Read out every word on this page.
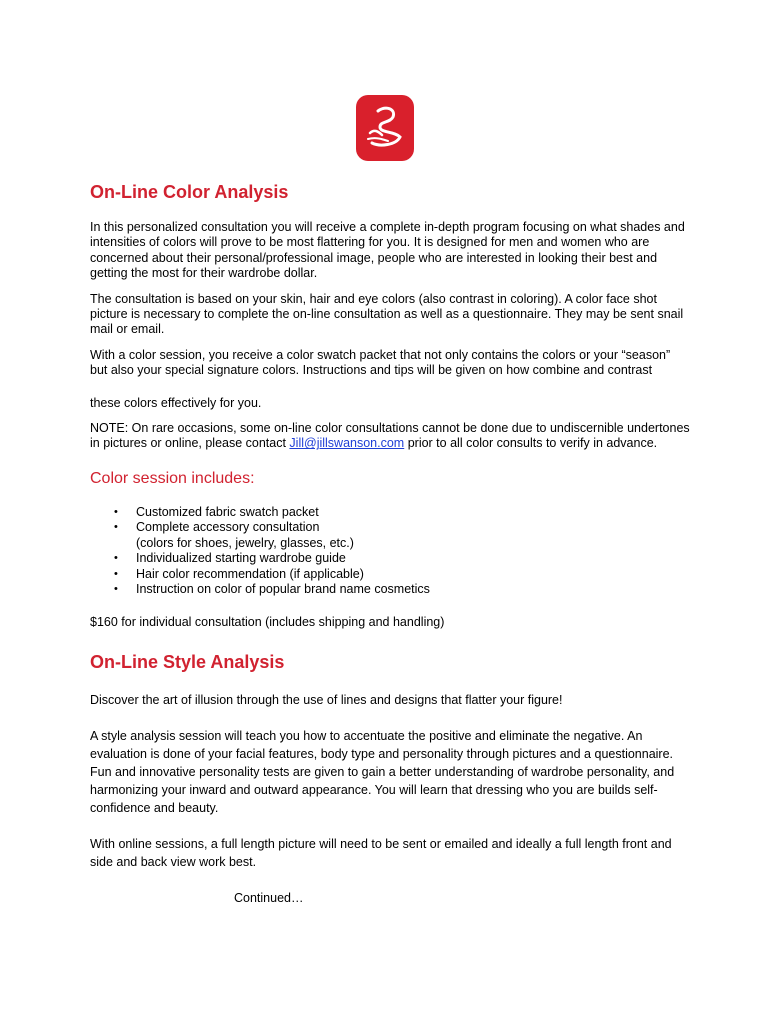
On-Line Color Analysis

In this personalized consultation you will receive a complete in-depth program focusing on what shades and intensities of colors will prove to be most flattering for you. It is designed for men and women who are concerned about their personal/professional image, people who are interested in looking their best and getting the most for their wardrobe dollar.

The consultation is based on your skin, hair and eye colors (also contrast in coloring). A color face shot picture is necessary to complete the on-line consultation as well as a questionnaire. They may be sent snail mail or email.

With a color session, you receive a color swatch packet that not only contains the colors or your “season” but also your special signature colors. Instructions and tips will be given on how combine and contrast

these colors effectively for you.

NOTE: On rare occasions, some on-line color consultations cannot be done due to undiscernible undertones in pictures or online, please contact Jill@jillswanson.com prior to all color consults to verify in advance.

Color session includes:
• Customized fabric swatch packet
• Complete accessory consultation
(colors for shoes, jewelry, glasses, etc.)
• Individualized starting wardrobe guide
• Hair color recommendation (if applicable)
• Instruction on color of popular brand name cosmetics

$160 for individual consultation (includes shipping and handling)

On-Line Style Analysis

Discover the art of illusion through the use of lines and designs that flatter your figure!

A style analysis session will teach you how to accentuate the positive and eliminate the negative. An evaluation is done of your facial features, body type and personality through pictures and a questionnaire. Fun and innovative personality tests are given to gain a better understanding of wardrobe personality, and harmonizing your inward and outward appearance. You will learn that dressing who you are builds self-confidence and beauty.

With online sessions, a full length picture will need to be sent or emailed and ideally a full length front and side and back view work best.

Continued…
